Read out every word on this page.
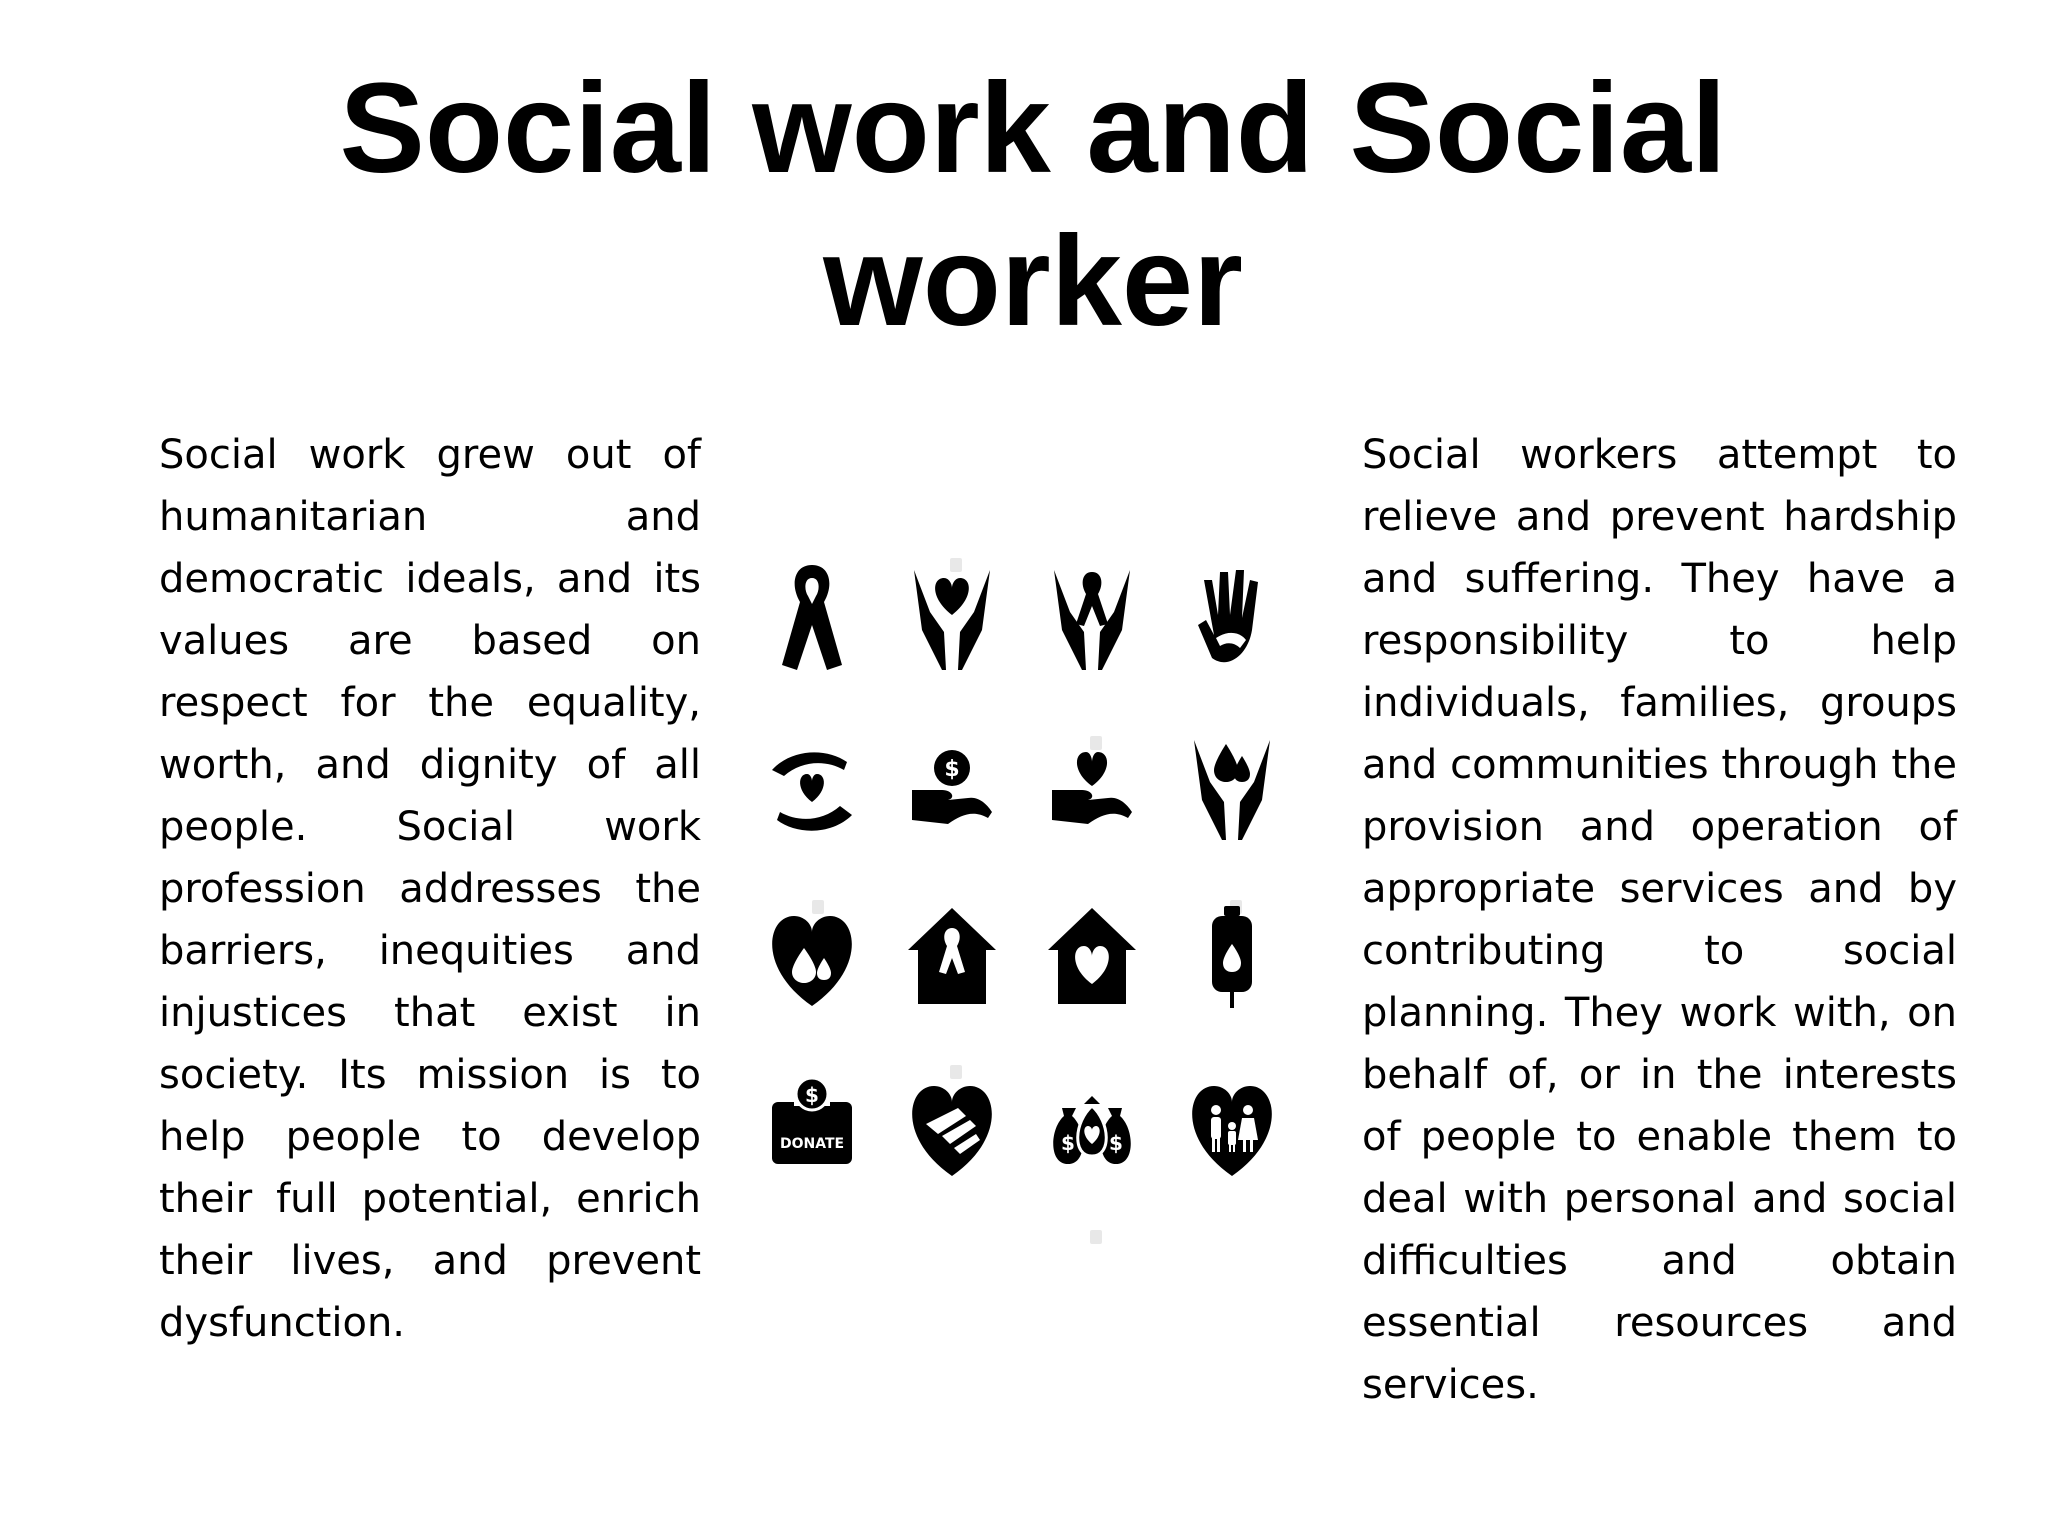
Social work and Social worker

Social work grew out of humanitarian and democratic ideals, and its values are based on respect for the equality, worth, and dignity of all people. Social work profession addresses the barriers, inequities and injustices that exist in society. Its mission is to help people to develop their full potential, enrich their lives, and prevent dysfunction.

$
$
DONATE	$ $

Social workers attempt to relieve and prevent hardship and suffering. They have a responsibility to help individuals, families, groups and communities through the provision and operation of appropriate services and by contributing to social planning. They work with, on behalf of, or in the interests of people to enable them to deal with personal and social difficulties and obtain essential resources and services.
